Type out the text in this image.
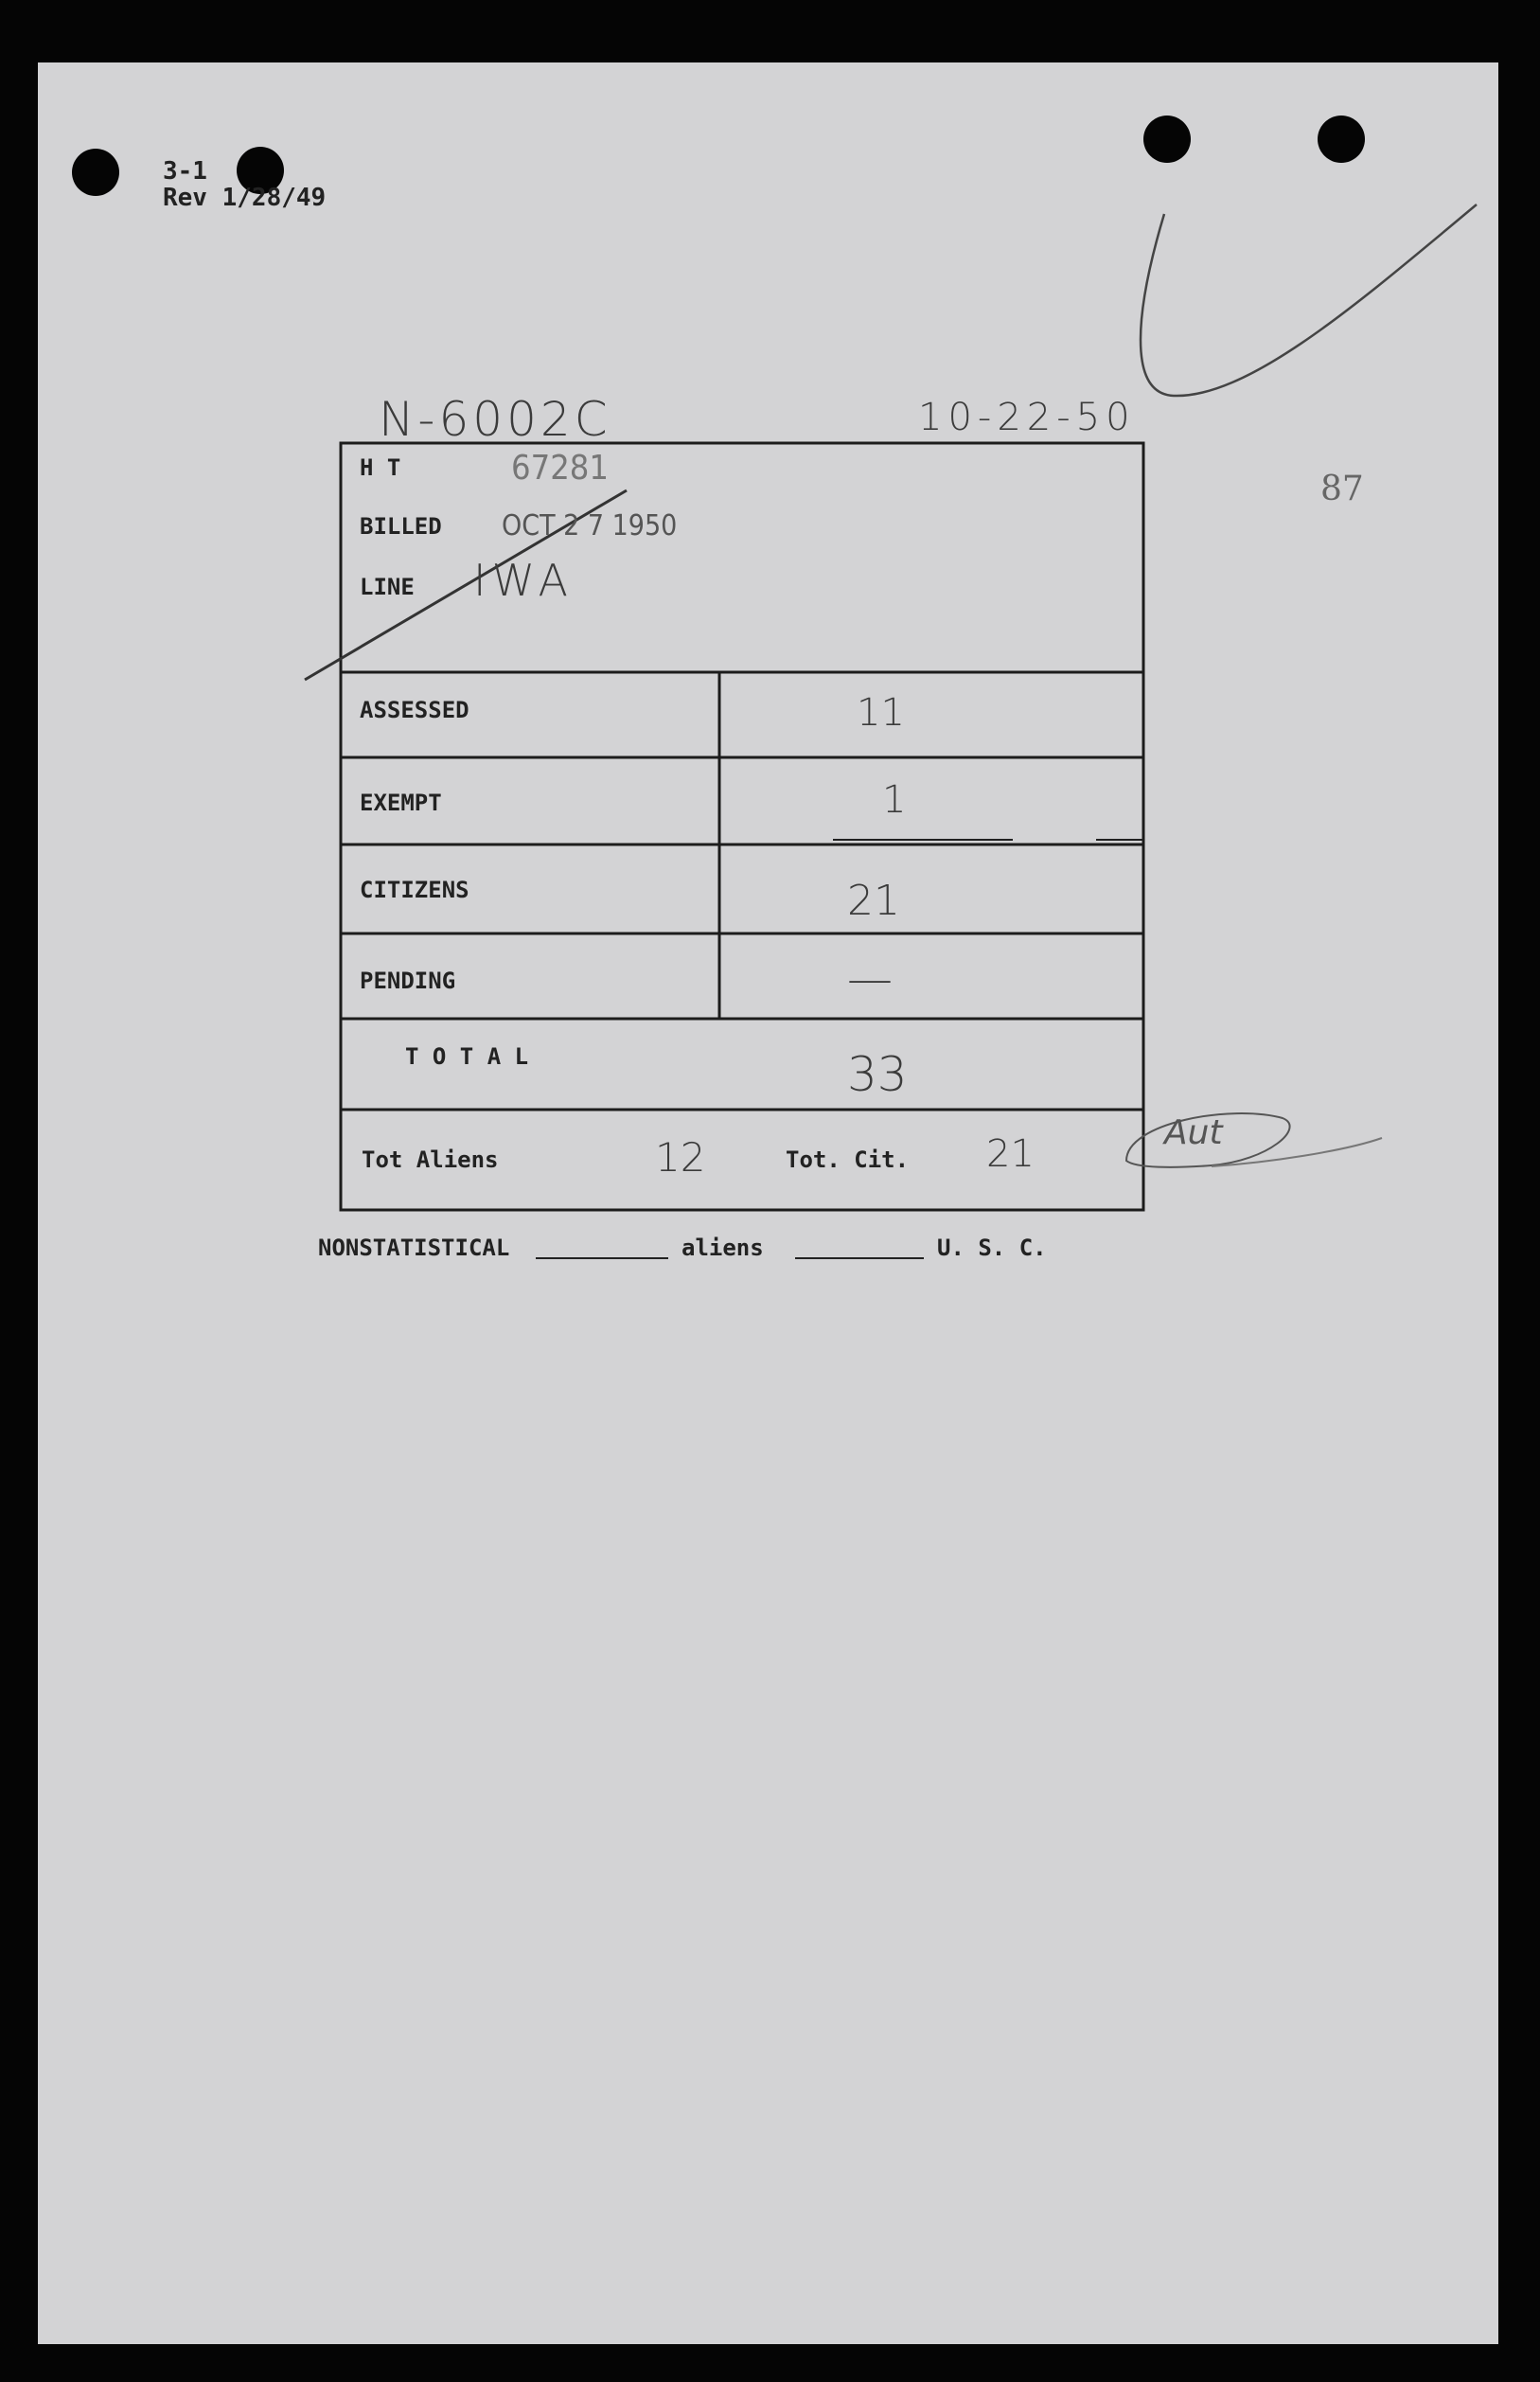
3-1
Rev 1/28/49
N-6002C	10-22-50
87
H T	67281
BILLED OCT 2 7 1950
LINE IWA
ASSESSED	11
EXEMPT	1
CITIZENS	21
PENDING	—
T O T A L	33
Tot Aliens	12	Tot. Cit. 21	Aut
NONSTATISTICAL	aliens	U. S. C.
